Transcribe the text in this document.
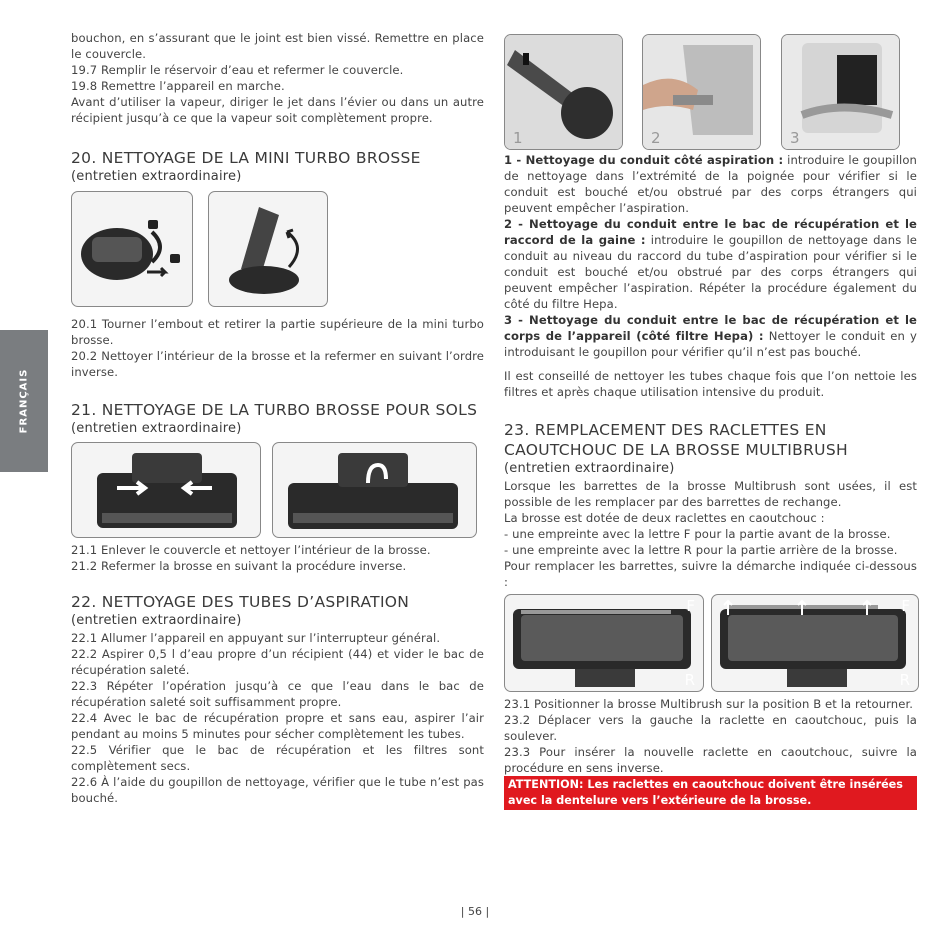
FRANÇAIS

bouchon, en s’assurant que le joint est bien vissé. Remettre en place le couvercle.

19.7 Remplir le réservoir d’eau et refermer le couvercle.

19.8 Remettre l’appareil en marche.

Avant d’utiliser la vapeur, diriger le jet dans l’évier ou dans un autre récipient jusqu’à ce que la vapeur soit complètement propre.

20. NETTOYAGE DE LA MINI TURBO BROSSE
(entretien extraordinaire)

20.1 Tourner l’embout et retirer la partie supérieure de la mini turbo brosse.

20.2 Nettoyer l’intérieur de la brosse et la refermer en suivant l’ordre inverse.

21. NETTOYAGE DE LA TURBO BROSSE POUR SOLS
(entretien extraordinaire)

21.1 Enlever le couvercle et nettoyer l’intérieur de la brosse.

21.2 Refermer la brosse en suivant la procédure inverse.

22. NETTOYAGE DES TUBES D’ASPIRATION
(entretien extraordinaire)

22.1 Allumer l’appareil en appuyant sur l’interrupteur général.

22.2 Aspirer 0,5 l d’eau propre d’un récipient (44) et vider le bac de récupération saleté.

22.3 Répéter l’opération jusqu’à ce que l’eau dans le bac de récupération saleté soit suffisamment propre.

22.4 Avec le bac de récupération propre et sans eau, aspirer l’air pendant au moins 5 minutes pour sécher complètement les tubes.

22.5 Vérifier que le bac de récupération et les filtres sont complètement secs.

22.6 À l’aide du goupillon de nettoyage, vérifier que le tube n’est pas bouché.

1	2	3

1 - Nettoyage du conduit côté aspiration : introduire le goupillon de nettoyage dans l’extrémité de la poignée pour vérifier si le conduit est bouché et/ou obstrué par des corps étrangers qui peuvent empêcher l’aspiration.

2 - Nettoyage du conduit entre le bac de récupération et le raccord de la gaine : introduire le goupillon de nettoyage dans le conduit au niveau du raccord du tube d’aspiration pour vérifier si le conduit est bouché et/ou obstrué par des corps étrangers qui peuvent empêcher l’aspiration. Répéter la procédure également du côté du filtre Hepa.

3 - Nettoyage du conduit entre le bac de récupération et le corps de l’appareil (côté filtre Hepa) : Nettoyer le conduit en y introduisant le goupillon pour vérifier qu’il n’est pas bouché.

Il est conseillé de nettoyer les tubes chaque fois que l’on nettoie les filtres et après chaque utilisation intensive du produit.

23. REMPLACEMENT DES RACLETTES EN CAOUTCHOUC DE LA BROSSE MULTIBRUSH
(entretien extraordinaire)

Lorsque les barrettes de la brosse Multibrush sont usées, il est possible de les remplacer par des barrettes de rechange.

La brosse est dotée de deux raclettes en caoutchouc :

- une empreinte avec la lettre F pour la partie avant de la brosse.

- une empreinte avec la lettre R pour la partie arrière de la brosse.

Pour remplacer les barrettes, suivre la démarche indiquée ci-dessous :

F
R
F
R

23.1 Positionner la brosse Multibrush sur la position B et la retourner.

23.2 Déplacer vers la gauche la raclette en caoutchouc, puis la soulever.

23.3 Pour insérer la nouvelle raclette en caoutchouc, suivre la procédure en sens inverse.

ATTENTION: Les raclettes en caoutchouc doivent être insérées avec la dentelure vers l’extérieure de la brosse.
| 56 |
